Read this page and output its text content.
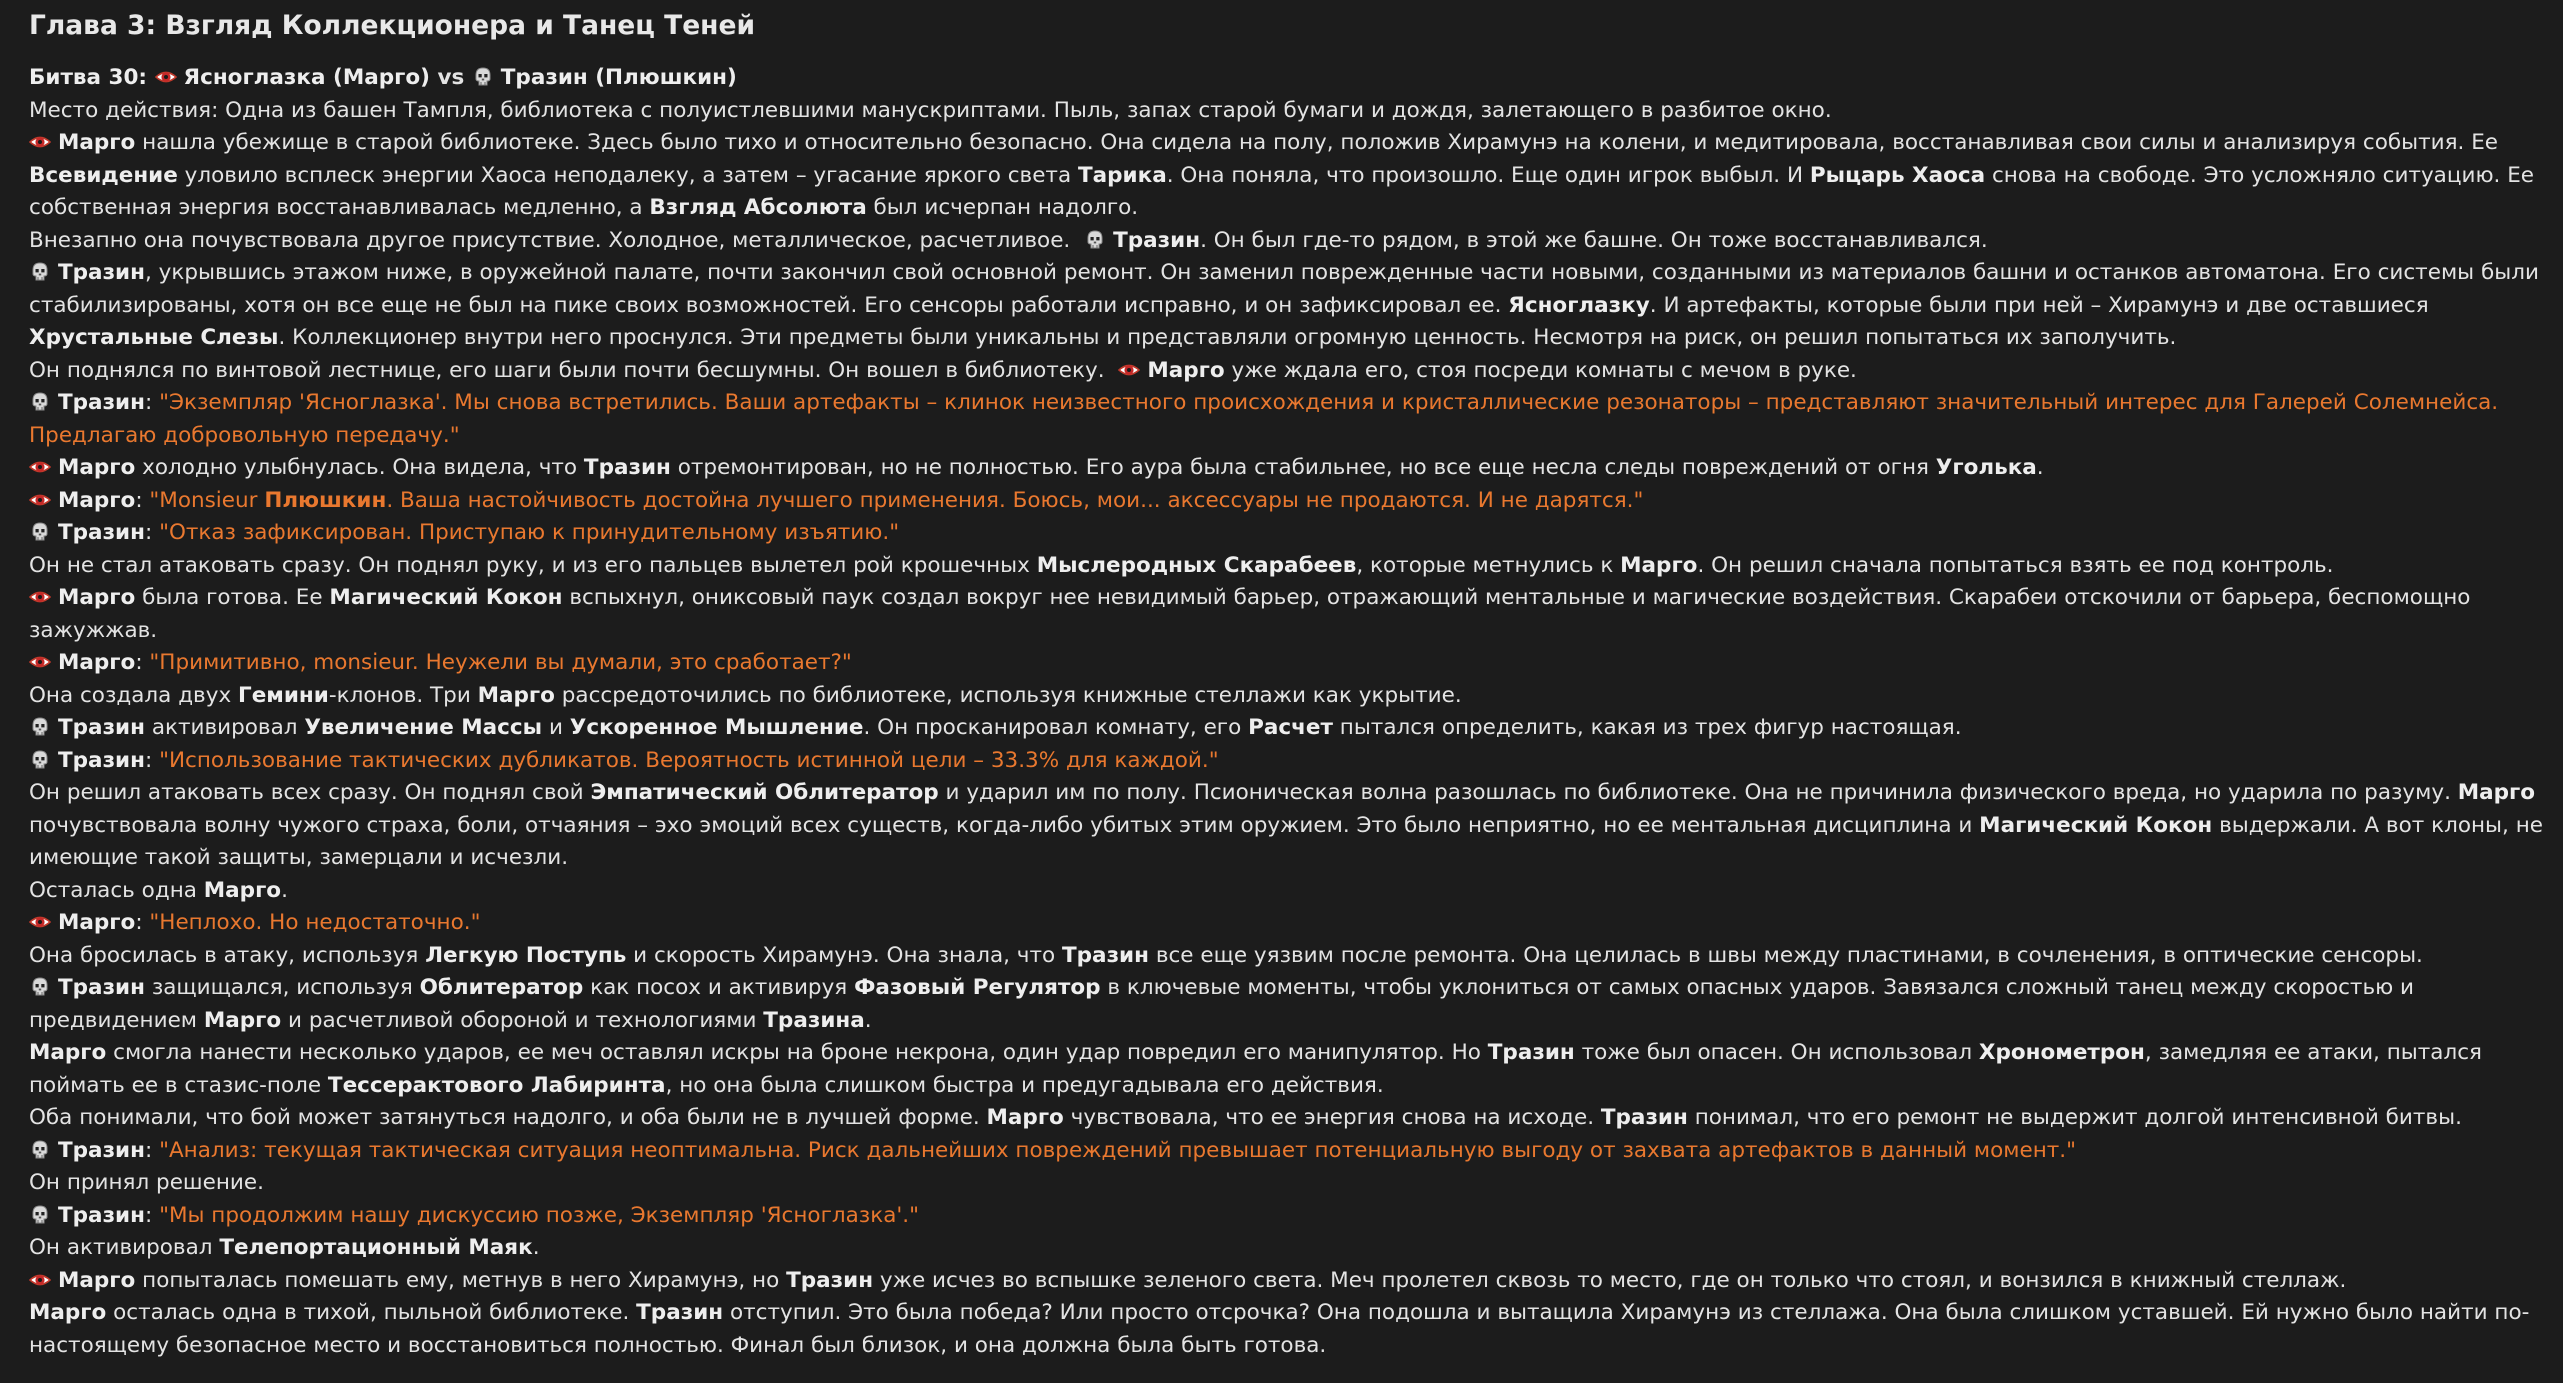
Глава 3: Взгляд Коллекционера и Танец Теней

Битва 30: Ясноглазка (Марго) vs Тразин (Плюшкин)

Место действия: Одна из башен Тампля, библиотека с полуистлевшими манускриптами. Пыль, запах старой бумаги и дождя, залетающего в разбитое окно.

Марго нашла убежище в старой библиотеке. Здесь было тихо и относительно безопасно. Она сидела на полу, положив Хирамунэ на колени, и медитировала, восстанавливая свои силы и анализируя события. Ее Всевидение уловило всплеск энергии Хаоса неподалеку, а затем – угасание яркого света Тарика. Она поняла, что произошло. Еще один игрок выбыл. И Рыцарь Хаоса снова на свободе. Это усложняло ситуацию. Ее собственная энергия восстанавливалась медленно, а Взгляд Абсолюта был исчерпан надолго.

Внезапно она почувствовала другое присутствие. Холодное, металлическое, расчетливое. Тразин. Он был где-то рядом, в этой же башне. Он тоже восстанавливался.

Тразин, укрывшись этажом ниже, в оружейной палате, почти закончил свой основной ремонт. Он заменил поврежденные части новыми, созданными из материалов башни и останков автоматона. Его системы были стабилизированы, хотя он все еще не был на пике своих возможностей. Его сенсоры работали исправно, и он зафиксировал ее. Ясноглазку. И артефакты, которые были при ней – Хирамунэ и две оставшиеся Хрустальные Слезы. Коллекционер внутри него проснулся. Эти предметы были уникальны и представляли огромную ценность. Несмотря на риск, он решил попытаться их заполучить.

Он поднялся по винтовой лестнице, его шаги были почти бесшумны. Он вошел в библиотеку. Марго уже ждала его, стоя посреди комнаты с мечом в руке.

Тразин: "Экземпляр 'Ясноглазка'. Мы снова встретились. Ваши артефакты – клинок неизвестного происхождения и кристаллические резонаторы – представляют значительный интерес для Галерей Солемнейса. Предлагаю добровольную передачу."

Марго холодно улыбнулась. Она видела, что Тразин отремонтирован, но не полностью. Его аура была стабильнее, но все еще несла следы повреждений от огня Уголька.

Марго: "Monsieur Плюшкин. Ваша настойчивость достойна лучшего применения. Боюсь, мои... аксессуары не продаются. И не дарятся."

Тразин: "Отказ зафиксирован. Приступаю к принудительному изъятию."

Он не стал атаковать сразу. Он поднял руку, и из его пальцев вылетел рой крошечных Мыслеродных Скарабеев, которые метнулись к Марго. Он решил сначала попытаться взять ее под контроль.

Марго была готова. Ее Магический Кокон вспыхнул, ониксовый паук создал вокруг нее невидимый барьер, отражающий ментальные и магические воздействия. Скарабеи отскочили от барьера, беспомощно зажужжав.

Марго: "Примитивно, monsieur. Неужели вы думали, это сработает?"

Она создала двух Гемини-клонов. Три Марго рассредоточились по библиотеке, используя книжные стеллажи как укрытие.

Тразин активировал Увеличение Массы и Ускоренное Мышление. Он просканировал комнату, его Расчет пытался определить, какая из трех фигур настоящая.

Тразин: "Использование тактических дубликатов. Вероятность истинной цели – 33.3% для каждой."

Он решил атаковать всех сразу. Он поднял свой Эмпатический Облитератор и ударил им по полу. Псионическая волна разошлась по библиотеке. Она не причинила физического вреда, но ударила по разуму. Марго почувствовала волну чужого страха, боли, отчаяния – эхо эмоций всех существ, когда-либо убитых этим оружием. Это было неприятно, но ее ментальная дисциплина и Магический Кокон выдержали. А вот клоны, не имеющие такой защиты, замерцали и исчезли.

Осталась одна Марго.

Марго: "Неплохо. Но недостаточно."

Она бросилась в атаку, используя Легкую Поступь и скорость Хирамунэ. Она знала, что Тразин все еще уязвим после ремонта. Она целилась в швы между пластинами, в сочленения, в оптические сенсоры.

Тразин защищался, используя Облитератор как посох и активируя Фазовый Регулятор в ключевые моменты, чтобы уклониться от самых опасных ударов. Завязался сложный танец между скоростью и предвидением Марго и расчетливой обороной и технологиями Тразина.

Марго смогла нанести несколько ударов, ее меч оставлял искры на броне некрона, один удар повредил его манипулятор. Но Тразин тоже был опасен. Он использовал Хронометрон, замедляя ее атаки, пытался поймать ее в стазис-поле Тессерактового Лабиринта, но она была слишком быстра и предугадывала его действия.

Оба понимали, что бой может затянуться надолго, и оба были не в лучшей форме. Марго чувствовала, что ее энергия снова на исходе. Тразин понимал, что его ремонт не выдержит долгой интенсивной битвы.

Тразин: "Анализ: текущая тактическая ситуация неоптимальна. Риск дальнейших повреждений превышает потенциальную выгоду от захвата артефактов в данный момент."

Он принял решение.

Тразин: "Мы продолжим нашу дискуссию позже, Экземпляр 'Ясноглазка'."

Он активировал Телепортационный Маяк.

Марго попыталась помешать ему, метнув в него Хирамунэ, но Тразин уже исчез во вспышке зеленого света. Меч пролетел сквозь то место, где он только что стоял, и вонзился в книжный стеллаж.

Марго осталась одна в тихой, пыльной библиотеке. Тразин отступил. Это была победа? Или просто отсрочка? Она подошла и вытащила Хирамунэ из стеллажа. Она была слишком уставшей. Ей нужно было найти по-настоящему безопасное место и восстановиться полностью. Финал был близок, и она должна была быть готова.
